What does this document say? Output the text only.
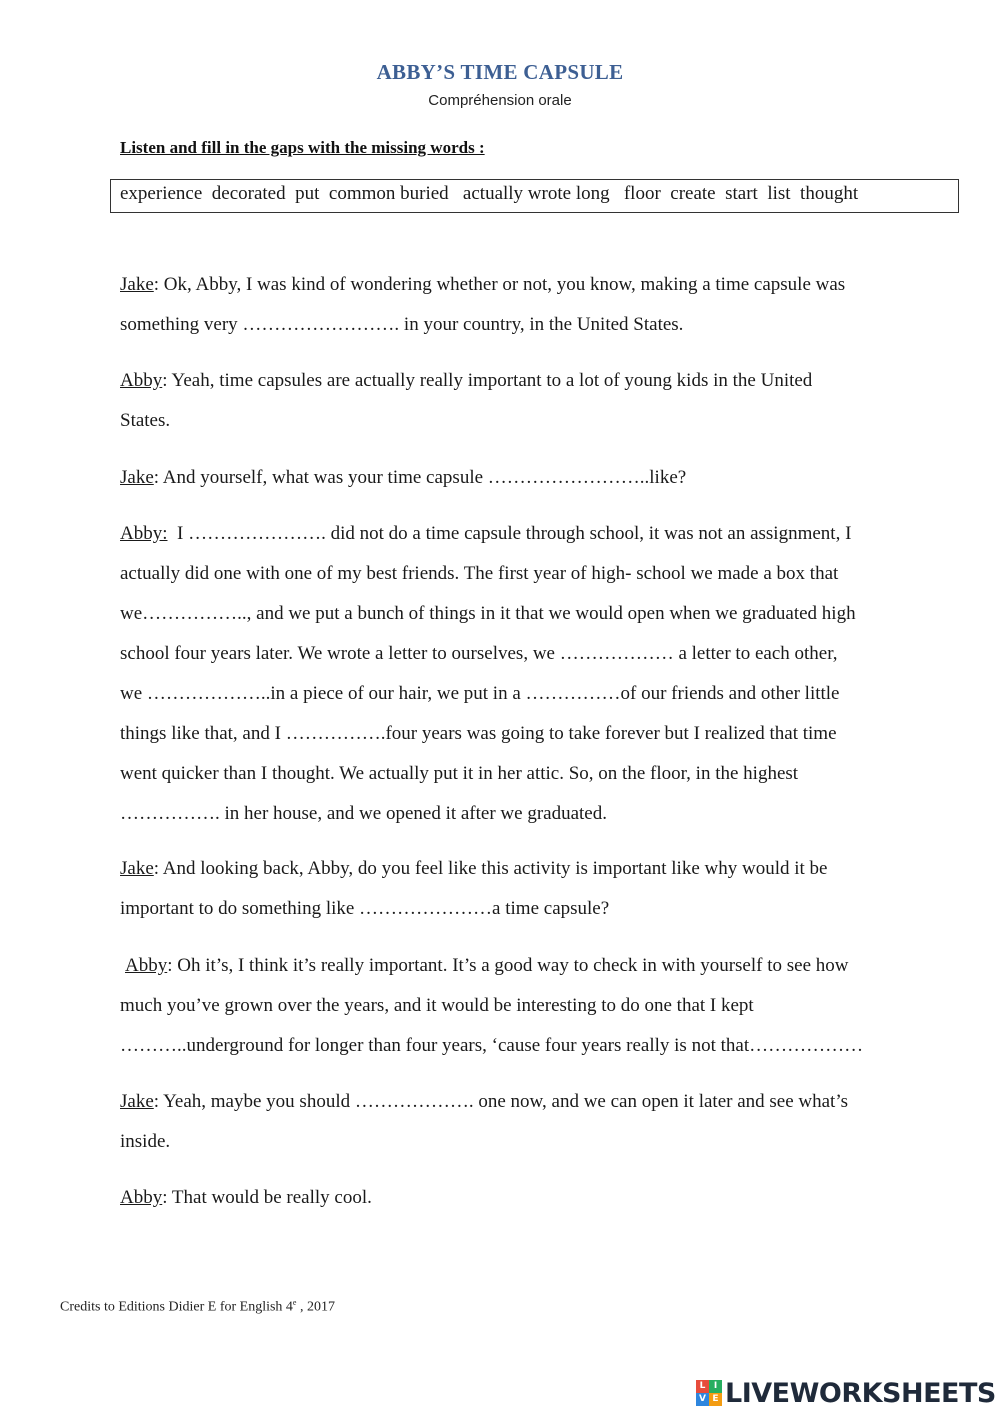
ABBY’S TIME CAPSULE
Compréhension orale
Listen and fill in the gaps with the missing words :
experience  decorated  put  common buried   actually wrote long   floor  create  start  list  thought
Jake: Ok, Abby, I was kind of wondering whether or not, you know, making a time capsule was
something very ……………………. in your country, in the United States.
Abby: Yeah, time capsules are actually really important to a lot of young kids in the United
States.
Jake: And yourself, what was your time capsule ……………………..like?
Abby:  I …………………. did not do a time capsule through school, it was not an assignment, I
actually did one with one of my best friends. The first year of high- school we made a box that
we…………….., and we put a bunch of things in it that we would open when we graduated high
school four years later. We wrote a letter to ourselves, we ……………… a letter to each other,
we ………………..in a piece of our hair, we put in a ……………of our friends and other little
things like that, and I …………….four years was going to take forever but I realized that time
went quicker than I thought. We actually put it in her attic. So, on the floor, in the highest
……………. in her house, and we opened it after we graduated.
Jake: And looking back, Abby, do you feel like this activity is important like why would it be
important to do something like …………………a time capsule?
Abby: Oh it’s, I think it’s really important. It’s a good way to check in with yourself to see how
much you’ve grown over the years, and it would be interesting to do one that I kept
………..underground for longer than four years, ‘cause four years really is not that………………
Jake: Yeah, maybe you should ………………. one now, and we can open it later and see what’s
inside.
Abby: That would be really cool.
Credits to Editions Didier E for English 4e , 2017
L I
V E LIVEWORKSHEETS
